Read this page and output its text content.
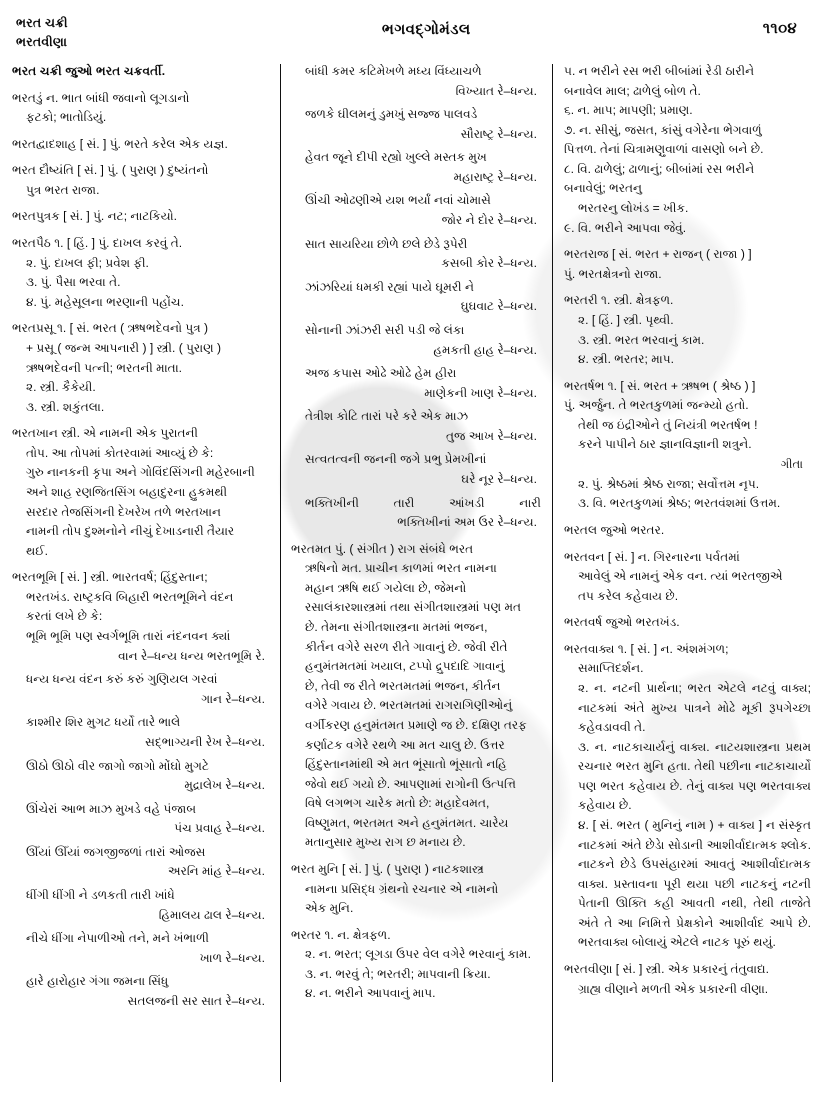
ભરત ચક્રી
ભરતવીણા
ભગવદ્‌ગોમંડલ	૧૧૦૪
ભરત ચક્રી જુઓ ભરત ચક્રવર્તી.
ભરતડું ન. ભાત બાંધી જવાનો લૂગડાનો
ફટકો; ભાતોડિયું.
ભરતદ્વાદશાહ [ સં. ] પું. ભરતે કરેલ એક યજ્ઞ.
ભરત દૌષ્યંતિ [ સં. ] પું. ( પુરાણ ) દુષ્યંતનો
પુત્ર ભરત રાજા.
ભરતપુત્રક [ સં. ] પું. નટ; નાટકિયો.
ભરતપૈઠ ૧. [ હિં. ] પું. દાખલ કરવું તે.
૨. પું. દાખલ ફી; પ્રવેશ ફી.
૩. પું. પૈસા ભરવા તે.
૪. પું. મહેસૂલના ભરણાની પહોંચ.
ભરતપ્રસૂ ૧. [ સં. ભરત ( ઋષભદેવનો પુત્ર )
+ પ્રસૂ ( જન્મ આપનારી ) ] સ્ત્રી. ( પુરાણ )
ઋષભદેવની પત્ની; ભરતની માતા.
૨. સ્ત્રી. કૈકેયી.
૩. સ્ત્રી. શકુંતલા.
ભરતખાન સ્ત્રી. એ નામની એક પુરાતની
તોપ. આ તોપમાં કોતરવામાં આવ્યું છે કે:
ગુરુ નાનકની કૃપા અને ગોવિંદસિંગની મહેરબાની
અને શાહ રણજિતસિંગ બહાદુરના હુકમથી
સરદાર તેજસિંગની દેખરેખ તળે ભરતખાન
નામની તોપ દુશ્મનોને નીચું દેખાડનારી તૈયાર
થઈ.
ભરતભૂમિ [ સં. ] સ્ત્રી. ભારતવર્ષ; હિંદુસ્તાન;
ભરતખંડ. રાષ્ટ્રકવિ બિહારી ભરતભૂમિને વંદન
કરતાં લખે છે કે:
ભૂમિ ભૂમિ પણ સ્વર્ગભૂમિ તારાં નંદનવન ક્યાં
વાન રે–ધન્ય ધન્ય ભરતભૂમિ રે.
ધન્ય ધન્ય વંદન કરું કરું ગુણિયલ ગરવાં
ગાન રે–ધન્ય.
કાશ્મીર શિર મુગટ ધર્યો તારે ભાલે
સદ્‌ભાગ્યની રેખ રે–ધન્ય.
ઊઠો ઊઠો વીર જાગો જાગો મોંઘો મુગટે
મુદ્રાલેખ રે–ધન્ય.
ઊંચેરાં આભ માઝ મુખડે વહે પંજાબ
પંચ પ્રવાહ રે–ધન્ય.
ઊઁયાં ઊઁયાં જગજીજળાં તારાં ઓજસ
અરનિ માંહ રે–ધન્ય.
ધીંગી ધીંગી ને ડળકતી તારી ખાંધે
હિમાલય ઢાલ રે–ધન્ય.
નીચે ધીંગા નેપાળીઓ તને, મને ખંભાળી
ખાળ રે–ધન્ય.
હારે હારોહાર ગંગા જમના સિંધુ
સતલજની સર સાત રે–ધન્ય.
બાંધી કમર કટિમેખળે મધ્ય વિંધ્યાચળે
વિખ્યાત રે–ધન્ય.
જળકે ઘીલમનું ડુમખું સજ્જ પાલવડે
સૌરાષ્ટ્ર રે–ધન્ય.
હેવત જૂને દીપી રહ્યો ખુલ્લે મસ્તક મુખ
મહારાષ્ટ્ર રે–ધન્ય.
ઊંચી ઓઢણીએ યશ ભર્યાં નવાં ચોમાસે
જોર ને દોર રે–ધન્ય.
સાત સાયરિયા છોળે છલે છેડે રૂપેરી
કસબી કોર રે–ધન્ય.
ઝાંઝરિયાં ધમકી રહ્યાં પાયે ઘૂમરી ને
ઘુઘવાટ રે–ધન્ય.
સોનાની ઝાંઝરી સરી પડી જે લંકા
હમકતી હાહ રે–ધન્ય.
અજ કપાસ ઓઢે ઓઢે હેમ હીરા
માણેકની ખાણ રે–ધન્ય.
તેત્રીશ કોટિ તારાં પરે કરે એક માઝ
તુજ આખ રે–ધન્ય.
સત્વતત્વની જનની જગે પ્રભુ પ્રેમખીનાં
ઘરે નૂર રે–ધન્ય.
ભક્તિખીની તારી આંખડી નારી
ભક્તિખીનાં અમ ઉર રે–ધન્ય.
ભરતમત પું. ( સંગીત ) રાગ સંબંધે ભરત
ઋષિનો મત. પ્રાચીન કાળમાં ભરત નામના
મહાન ઋષિ થઈ ગયેલા છે, જેમનો
રસાલંકારશાસ્ત્રમાં તથા સંગીતશાસ્ત્રમાં પણ મત
છે. તેમના સંગીતશાસ્ત્રના મતમાં ભજન,
કીર્તન વગેરે સરળ રીતે ગાવાનું છે. જેવી રીતે
હનુમંતમતમાં ખયાલ, ટપ્પો દ્રુપદાદિ ગાવાનું
છે, તેવી જ રીતે ભરતમતમાં ભજન, કીર્તન
વગેરે ગવાય છે. ભરતમતમાં રાગરાગિણીઓનું
વર્ગીકરણ હનુમંતમત પ્રમાણે જ છે. દક્ષિણ તરફ
કર્ણાટક વગેરે રથળે આ મત ચાલુ છે. ઉત્તર
હિંદુસ્તાનમાંથી એ મત ભૂંસાતો ભૂંસાતો નહિ
જેવો થઈ ગયો છે. આપણામાં રાગોની ઉત્પત્તિ
વિષે લગભગ ચારેક મતો છે: મહાદેવમત,
વિષ્ણુમત, ભરતમત અને હનુમંતમત. ચારેય
મતાનુસાર મુખ્ય રાગ છ મનાય છે.
ભરત મુનિ [ સં. ] પું. ( પુરાણ ) નાટકશાસ્ત્ર
નામના પ્રસિદ્ધ ગ્રંથનો રચનાર એ નામનો
એક મુનિ.
ભરતર ૧. ન. ક્ષેત્રફળ.
૨. ન. ભરત; લૂગડા ઉપર વેલ વગેરે ભરવાનું કામ.
૩. ન. ભરવું તે; ભરતરી; માપવાની ક્રિયા.
૪. ન. ભરીને આપવાનું માપ.
૫. ન ભરીને રસ ભરી બીબાંમાં રેડી ઠારીને
બનાવેલ માલ; ઢાળેલું બોળ તે.
૬. ન. માપ; માપણી; પ્રમાણ.
૭. ન. સીસું, જસત, કાંસું વગેરેના ભેગવાળું
પિત્તળ. તેનાં ચિત્રામણુવાળાં વાસણો બને છે.
૮. વિ. ઢાળેલું; ઢાળાનું; બીબાંમાં રસ ભરીને
બનાવેલું; ભરતનુ
ભરતરનુ લોખંડ = ખીક.
૯. વિ. ભરીને આપવા જેવું.
ભરતરાજ [ સં. ભરત + રાજન્ ( રાજા ) ]
પું. ભરતક્ષેત્રનો રાજા.
ભરતરી ૧. સ્ત્રી. ક્ષેત્રફળ.
૨. [ હિં. ] સ્ત્રી. પૃથ્વી.
૩. સ્ત્રી. ભરત ભરવાનું કામ.
૪. સ્ત્રી. ભરતર; માપ.
ભરતર્ષભ ૧. [ સં. ભરત + ઋષભ ( શ્રેષ્ઠ ) ]
પું. અર્જુન. તે ભરતકુળમાં જન્મ્યો હતો.
તેથી જ ઇંદ્રીઓને તું નિયંત્રી ભરતર્ષભ !
કરને પાપીને ઠાર જ્ઞાનવિજ્ઞાની શત્રુને.
ગીતા
૨. પું. શ્રેષ્ઠમાં શ્રેષ્ઠ રાજા; સર્વોત્તમ નૃપ.
૩. વિ. ભરતકુળમાં શ્રેષ્ઠ; ભરતવંશમાં ઉત્તમ.
ભરતલ જુઓ ભરતર.
ભરતવન [ સં. ] ન. ગિરનારના પર્વતમાં
આવેલું એ નામનું એક વન. ત્યાં ભરતજીએ
તપ કરેલ કહેવાય છે.
ભરતવર્ષ જુઓ ભરતખંડ.
ભરતવાક્ય ૧. [ સં. ] ન. અંશમંગળ;
સમાપ્તિદર્શન.
૨. ન. નટની પ્રાર્થના; ભરત એટલે નટવું વાક્ય; નાટકમાં અંતે મુખ્ય પાત્રને મોઢે મૂકી રૂપગેચ્છા કહેવડાવવી તે.
૩. ન. નાટકાચાર્યનું વાક્ય. નાટયશાસ્ત્રના પ્રથમ રચનાર ભરત મુનિ હતા. તેથી પછીના નાટકાચાર્યો પણ ભરત કહેવાય છે. તેનું વાક્ય પણ ભરતવાક્ય કહેવાય છે.
૪. [ સં. ભરત ( મુનિનું નામ ) + વાક્ય ] ન સંસ્કૃત નાટકમાં અંતે છેડાે સોડાની આશીર્વાદાત્મક શ્લોક. નાટકને છેડે ઉપસંહારમાં આવતું આશીર્વાદાત્મક વાક્ય. પ્રસ્તાવના પૂરી થયા પછી નાટકનું નટની પેતાની ઊક્તિ કહી આવતી નથી, તેથી તાજેતે અંતે તે આ નિમિત્તે પ્રેક્ષકોને આશીર્વાદ આપે છે. ભરતવાક્ય બોલાયું એટલે નાટક પૂરું થયું.
ભરતવીણા [ સં. ] સ્ત્રી. એક પ્રકારનું તંતુવાદ્ય.
ગ્રાહ્ય વીણાને મળતી એક પ્રકારની વીણા.
